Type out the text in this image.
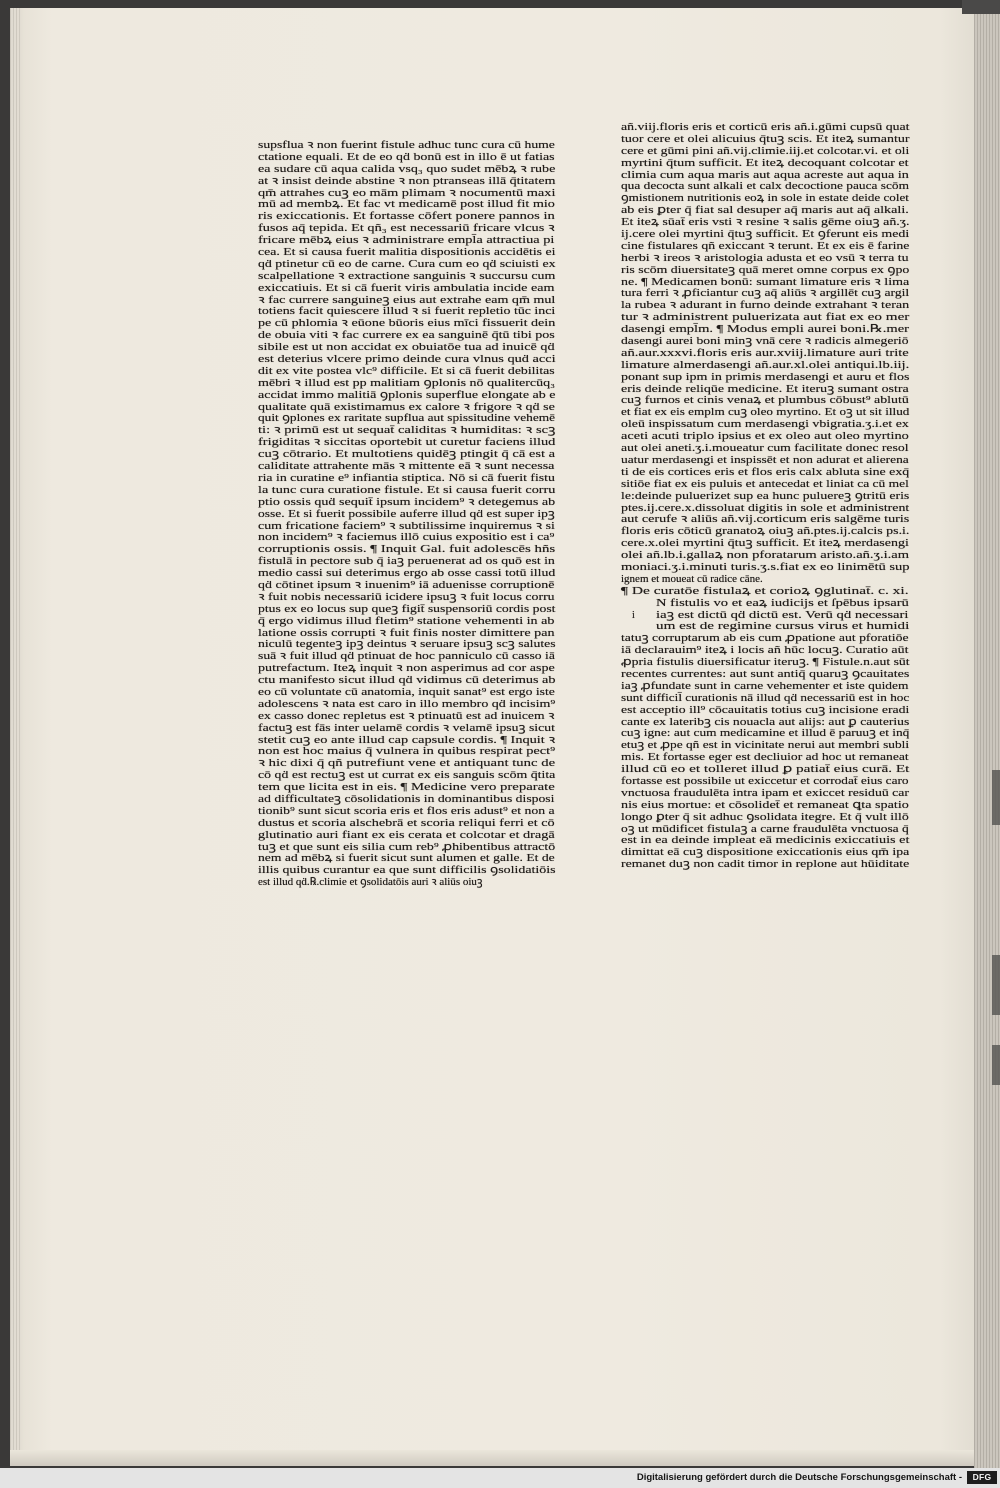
supsflua ꝛ non fuerint fistule adhuc tunc cura cū hume
ctatione equali. Et de eo qḋ bonū est in illo ē ut fatias
ea sudare cū aqua calida vsq₃ quo sudet mēbꝝ ꝛ rube
at ꝛ insist deinde abstine ꝛ non ptranseas illā q̄titatem
qm̄ attrahes cuꝫ eo mām plimam ꝛ nocumentū maxi
mū ad membꝝ. Et fac vt medicamē post illud fit mio
ris exiccationis. Et fortasse cōfert ponere pannos in
fusos aq̄ tepida. Et qñ₃ est necessariū fricare vlcus ꝛ
fricare mēbꝝ eius ꝛ administrare empl̄a attractiua pi
cea. Et si causa fuerit malitia dispositionis accidētis ei
qḋ ptinetur cū eo de carne. Cura cum eo qḋ sciuisti ex
scalpellatione ꝛ extractione sanguinis ꝛ succursu cum
exiccatiuis. Et si cā fuerit viris ambulatia incide eam
ꝛ fac currere sanguineꝫ eius aut extrahe eam qm̄ mul
totiens facit quiescere illud ꝛ si fuerit repletio tūc inci
pe cū phlomia ꝛ eūone būoris eius mīci fissuerit dein
de obuia viti ꝛ fac currere ex ea sanguinē q̄tū tibi pos
sibile est ut non accidat ex obuiatōe tua ad inuicē qḋ
est deterius vlcere primo deinde cura vlnus quḋ acci
dit ex vite postea vlc⁹ difficile. Et si cā fuerit debilitas
mēbri ꝛ illud est pp malitiam ꝯplonis nō qualitercūq₃
accidat immo malitiā ꝯplonis superflue elongate ab e
qualitate quā existimamus ex calore ꝛ frigore ꝛ qḋ se
quit ꝯplones ex raritate supflua aut spissitudine vehemē
ti: ꝛ primū est ut sequat̄ caliditas ꝛ humiditas: ꝛ scꝫ
frigiditas ꝛ siccitas oportebit ut curetur faciens illud
cuꝫ cōtrario. Et multotiens quidēꝫ ptingit q̄ cā est a
caliditate attrahente mās ꝛ mittente eā ꝛ sunt necessa
ria in curatine e⁹ infiantia stiptica. Nō si cā fuerit fistu
la tunc cura curatione fistule. Et si causa fuerit corru
ptio ossis quḋ sequit̄ ipsum incidem⁹ ꝛ detegemus ab
osse. Et si fuerit possibile auferre illud qḋ est super ipꝫ
cum fricatione faciem⁹ ꝛ subtilissime inquiremus ꝛ si
non incidem⁹ ꝛ faciemus illō cuius expositio est i ca⁹
corruptionis ossis. ¶ Inquit Gal. fuit adolescēs hñs
fistulā in pectore sub q̄ iaꝫ peruenerat ad os quō est in
medio cassi sui deterimus ergo ab osse cassi totū illud
qḋ cōtinet ipsum ꝛ inuenim⁹ iā aduenisse corruptionē
ꝛ fuit nobis necessariū icidere ipsuꝫ ꝛ fuit locus corru
ptus ex eo locus sup queꝫ figit̄ suspensoriū cordis post
q̄ ergo vidimus illud fletim⁹ statione vehementi in ab
latione ossis corrupti ꝛ fuit finis noster dimittere pan
niculū tegenteꝫ ipꝫ deintus ꝛ seruare ipsuꝫ scꝫ salutes
suā ꝛ fuit illud qḋ ptinuat de hoc panniculo cū casso iā
putrefactum. Iteꝝ inquit ꝛ non asperimus ad cor aspe
ctu manifesto sicut illud qḋ vidimus cū deterimus ab
eo cū voluntate cū anatomia, inquit sanat⁹ est ergo iste
adolescens ꝛ nata est caro in illo membro qḋ incisim⁹
ex casso donec repletus est ꝛ ptinuatū est ad inuicem ꝛ
factuꝫ est fās inter uelamē cordis ꝛ velamē ipsuꝫ sicut
stetit cuꝫ eo ante illud cap capsule cordis. ¶ Inquit ꝛ
non est hoc maius q̄ vulnera in quibus respirat pect⁹
ꝛ hic dixi q̄ qñ putrefiunt vene et antiquant tunc de
cō qḋ est rectuꝫ est ut currat ex eis sanguis scōm q̄tita
tem que licita est in eis. ¶ Medicine vero preparate
ad difficultateꝫ cōsolidationis in dominantibus disposi
tionib⁹ sunt sicut scoria eris et flos eris adust⁹ et non a
dustus et scoria alschebrā et scoria reliqui ferri et cō
glutinatio auri fiant ex eis cerata et colcotar et dragā
tuꝫ et que sunt eis silia cum reb⁹ ꝓhibentibus attractō
nem ad mēbꝝ si fuerit sicut sunt alumen et galle. Et de
illis quibus curantur ea que sunt difficilis ꝯsolidatiōis
est illud qḋ.℞.climie et ꝯsolidatōis auri ꝛ aliūs oiuꝫ
añ.viij.floris eris et corticū eris añ.i.gūmi cupsū quat
tuor cere et olei alicuius q̄tuꝫ scis. Et iteꝝ sumantur
cere et gūmi pini añ.vij.climie.iij.et colcotar.vi. et oli
myrtini q̄tum sufficit. Et iteꝝ decoquant colcotar et
climia cum aqua maris aut aqua acreste aut aqua in
qua decocta sunt alkali et calx decoctione pauca scōm
ꝯmistionem nutritionis eoꝝ in sole in estate deide colet
ab eis ꝑter q̄ fiat sal desuper aq̄ maris aut aq̄ alkali.
Et iteꝝ sūat̄ eris vsti ꝛ resine ꝛ salis gēme oiuꝫ añ.ʒ.
ij.cere olei myrtini q̄tuꝫ sufficit. Et ꝯferunt eis medi
cine fistulares qñ exiccant ꝛ terunt. Et ex eis ē farine
herbi ꝛ ireos ꝛ aristologia adusta et eo vsū ꝛ terra tu
ris scōm diuersitateꝫ quā meret omne corpus ex ꝯpo
ne. ¶ Medicamen bonū: sumant limature eris ꝛ lima
tura ferri ꝛ ꝓficiantur cuꝫ aq̄ aliūs ꝛ argillēt cuꝫ argil
la rubea ꝛ adurant in furno deinde extrahant ꝛ teran
tur ꝛ administrent puluerizata aut fiat ex eo mer
dasengi empl̄m. ¶ Modus empli aurei boni.℞.mer
dasengi aurei boni minꝫ vnā cere ꝛ radicis almegeriō
añ.aur.xxxvi.floris eris aur.xviij.limature auri trite
limature almerdasengi añ.aur.xl.olei antiqui.lb.iij.
ponant sup ipm in primis merdasengi et auru et flos
eris deinde reliqūe medicine. Et iteruꝫ sumant ostra
cuꝫ furnos et cinis venaꝝ et plumbus cōbust⁹ ablutū
et fiat ex eis emplm cuꝫ oleo myrtino. Et oꝫ ut sit illud
oleū inspissatum cum merdasengi vbigratia.ʒ.i.et ex
aceti acuti triplo ipsius et ex oleo aut oleo myrtino
aut olei aneti.ʒ.i.moueatur cum facilitate donec resol
uatur merdasengi et inspissēt et non adurat et alierena
ti de eis cortices eris et flos eris calx abluta sine exq̄
sitiōe fiat ex eis puluis et antecedat et liniat ca cū mel
le:deinde puluerizet sup ea hunc puluereꝫ ꝯtritū eris
ptes.ij.cere.x.dissoluat digitis in sole et administrent
aut cerufe ꝛ aliūs añ.vij.corticum eris salgēme turis
floris eris cōticū granatoꝝ oiuꝫ añ.ptes.ij.calcis ps.i.
cere.x.olei myrtini q̄tuꝫ sufficit. Et iteꝝ merdasengi
olei añ.lb.i.gallaꝝ non pforatarum aristo.añ.ʒ.i.am
moniaci.ʒ.i.minuti turis.ʒ.s.fiat ex eo linimētū sup
ignem et moueat cū radice cāne.
¶ De curatōe fistulaꝝ et corioꝝ ꝯglutinat̄. c. xi.
i
N fistulis vo et eaꝝ iudicijs et ſpēbus ipsarū
iaꝫ est dictū qḋ dictū est. Verū qḋ necessari
um est de regimine cursus virus et humidi
tatuꝫ corruptarum ab eis cum ꝓpatione aut pforatiōe
iā declarauim⁹ iteꝝ i locis añ hūc locuꝫ. Curatio aūt
ꝓpria fistulis diuersificatur iteruꝫ. ¶ Fistule.n.aut sūt
recentes currentes: aut sunt antiq̄ quaruꝫ ꝯcauitates
iaꝫ ꝓfundate sunt in carne vehementer et iste quidem
sunt difficil̄ curationis nā illud qḋ necessariū est in hoc
est acceptio ill⁹ cōcauitatis totius cuꝫ incisione eradi
cante ex lateribꝫ cis nouacla aut alijs: aut ꝑ cauterius
cuꝫ igne: aut cum medicamine et illud ē paruuꝫ et inq̄
etuꝫ et ꝓpe qñ est in vicinitate nerui aut membri subli
mis. Et fortasse eger est decliuior ad hoc ut remaneat
illud cū eo et tolleret illud ꝑ patiat̄ eius curā. Et
fortasse est possibile ut exiccetur et corrodat̄ eius caro
vnctuosa fraudulēta intra ipam et exiccet residuū car
nis eius mortue: et cōsolidet̄ et remaneat ꝗta spatio
longo ꝑter q̄ sit adhuc ꝯsolidata itegre. Et q̄ vult illō
oꝫ ut mūdificet fistulaꝫ a carne fraudulēta vnctuosa q̄
est in ea deinde impleat eā medicinis exiccatiuis et
dimittat eā cuꝫ dispositione exiccationis eius qm̄ ipa
remanet duꝫ non cadit timor in replone aut hūiditate
Digitalisierung gefördert durch die Deutsche Forschungsgemeinschaft -	DFG
